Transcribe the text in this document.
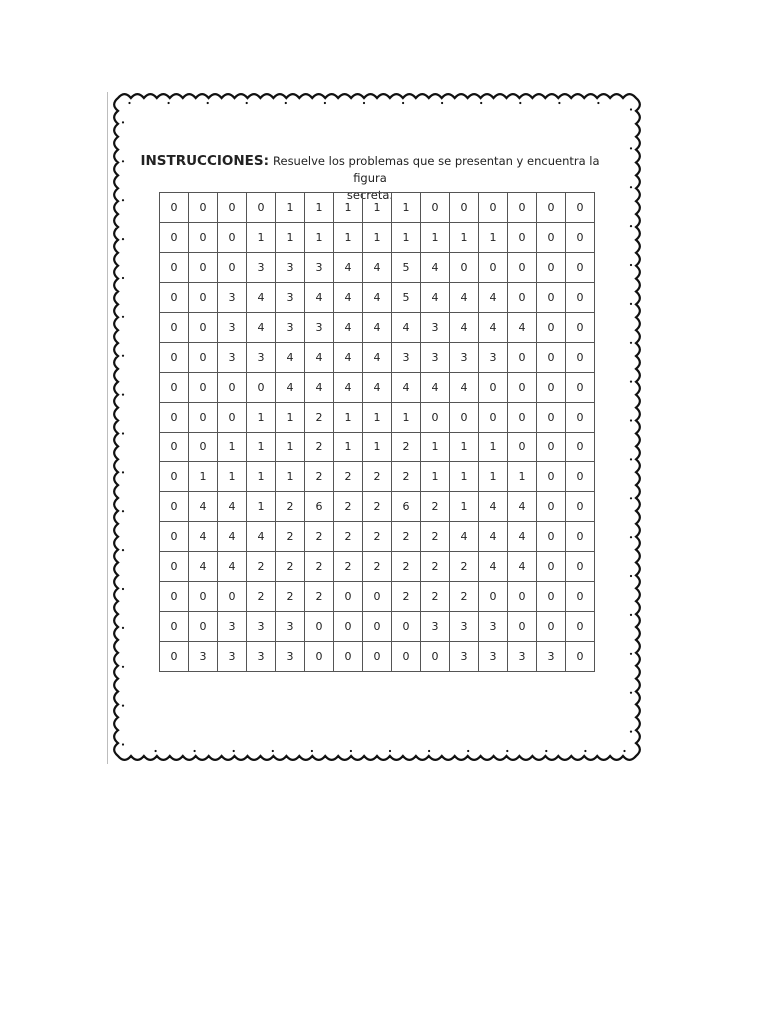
INSTRUCCIONES: Resuelve los problemas que se presentan y encuentra la figura
secreta.
0	0	0	0	1	1	1	1	1	0	0	0	0	0	0
0	0	0	1	1	1	1	1	1	1	1	1	0	0	0
0	0	0	3	3	3	4	4	5	4	0	0	0	0	0
0	0	3	4	3	4	4	4	5	4	4	4	0	0	0
0	0	3	4	3	3	4	4	4	3	4	4	4	0	0
0	0	3	3	4	4	4	4	3	3	3	3	0	0	0
0	0	0	0	4	4	4	4	4	4	4	0	0	0	0
0	0	0	1	1	2	1	1	1	0	0	0	0	0	0
0	0	1	1	1	2	1	1	2	1	1	1	0	0	0
0	1	1	1	1	2	2	2	2	1	1	1	1	0	0
0	4	4	1	2	6	2	2	6	2	1	4	4	0	0
0	4	4	4	2	2	2	2	2	2	4	4	4	0	0
0	4	4	2	2	2	2	2	2	2	2	4	4	0	0
0	0	0	2	2	2	0	0	2	2	2	0	0	0	0
0	0	3	3	3	0	0	0	0	3	3	3	0	0	0
0	3	3	3	3	0	0	0	0	0	3	3	3	3	0
